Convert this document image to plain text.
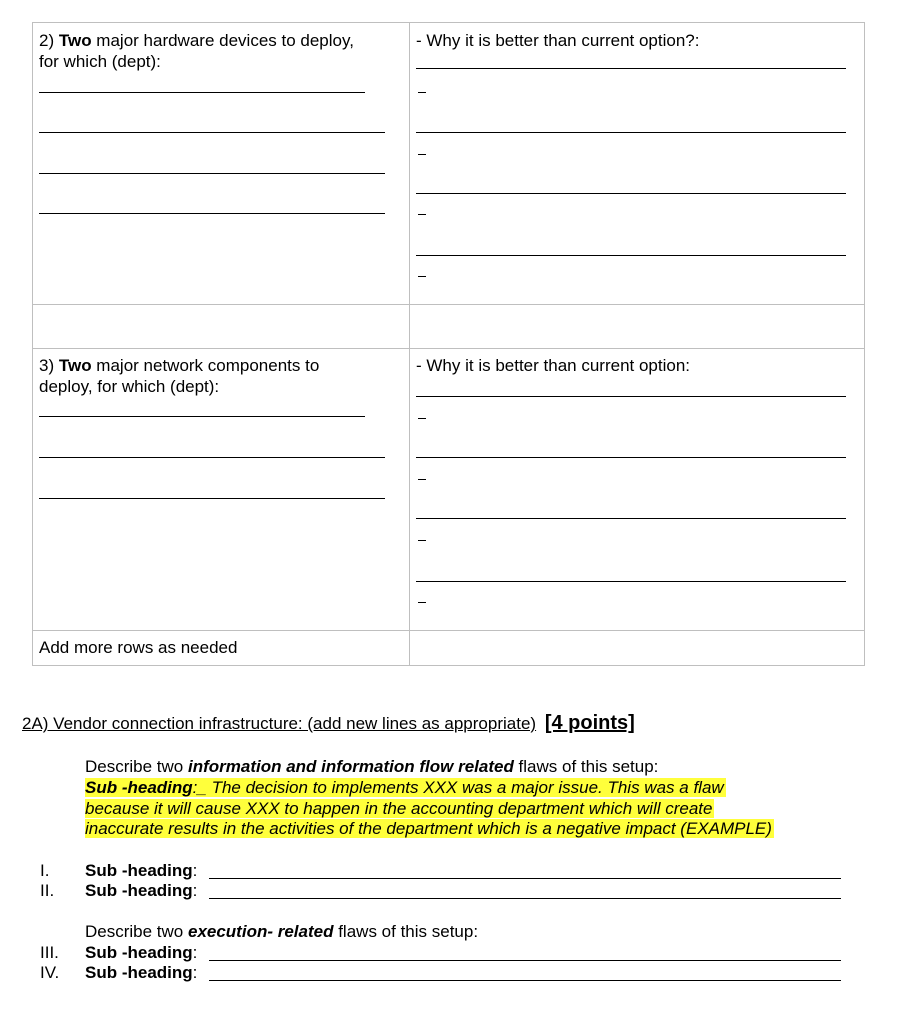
2) Two major hardware devices to deploy,
for which (dept):
- Why it is better than current option?:
3) Two major network components to
deploy, for which (dept):
- Why it is better than current option:
Add more rows as needed
2A) Vendor connection infrastructure: (add new lines as appropriate) [4 points]
Describe two information and information flow related flaws of this setup:
Sub -heading:_ The decision to implements XXX was a major issue. This was a flaw
because it will cause XXX to happen in the accounting department which will create
inaccurate results in the activities of the department which is a negative impact (EXAMPLE)
I. Sub -heading:
II. Sub -heading:
Describe two execution- related flaws of this setup:
III. Sub -heading:
IV. Sub -heading:
